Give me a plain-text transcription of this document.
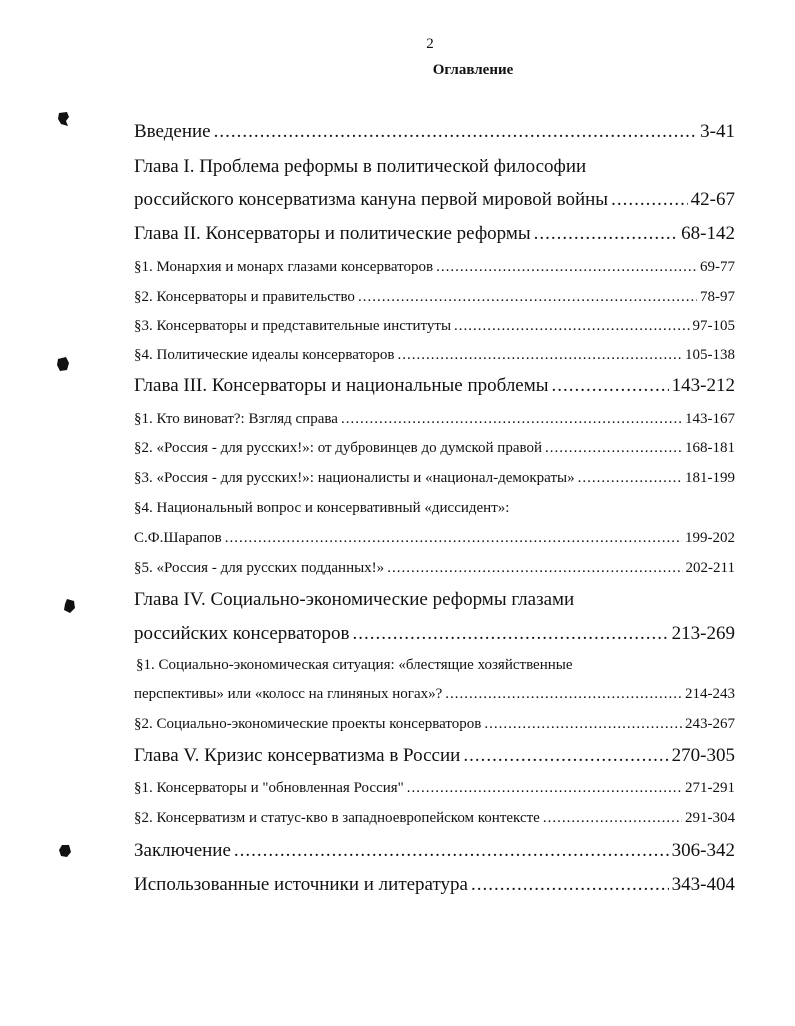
2
Оглавление
Введение .....	3-41
Глава I. Проблема реформы в политической философии
российского консерватизма кануна первой мировой войны .....	42-67
Глава II. Консерваторы и политические реформы .....	68-142
§1. Монархия и монарх глазами консерваторов .....	69-77
§2. Консерваторы и правительство .....	78-97
§3. Консерваторы и представительные институты .....	97-105
§4. Политические идеалы консерваторов .....	105-138
Глава III. Консерваторы и национальные проблемы .....	143-212
§1. Кто виноват?: Взгляд справа .....	143-167
§2. «Россия - для русских!»: от дубровинцев до думской правой .....	168-181
§3. «Россия - для русских!»: националисты и «национал-демократы» .....	181-199
§4. Национальный вопрос и консервативный «диссидент»:
С.Ф.Шарапов .....	199-202
§5. «Россия - для русских подданных!» .....	202-211
Глава IV. Социально-экономические реформы глазами
российских консерваторов .....	213-269
§1. Социально-экономическая ситуация: «блестящие хозяйственные
перспективы» или «колосс на глиняных ногах»? .....	214-243
§2. Социально-экономические проекты консерваторов .....	243-267
Глава V. Кризис консерватизма в России .....	270-305
§1. Консерваторы и "обновленная Россия" .....	271-291
§2. Консерватизм и статус-кво в западноевропейском контексте .....	291-304
Заключение .....	306-342
Использованные источники и литература .....	343-404
